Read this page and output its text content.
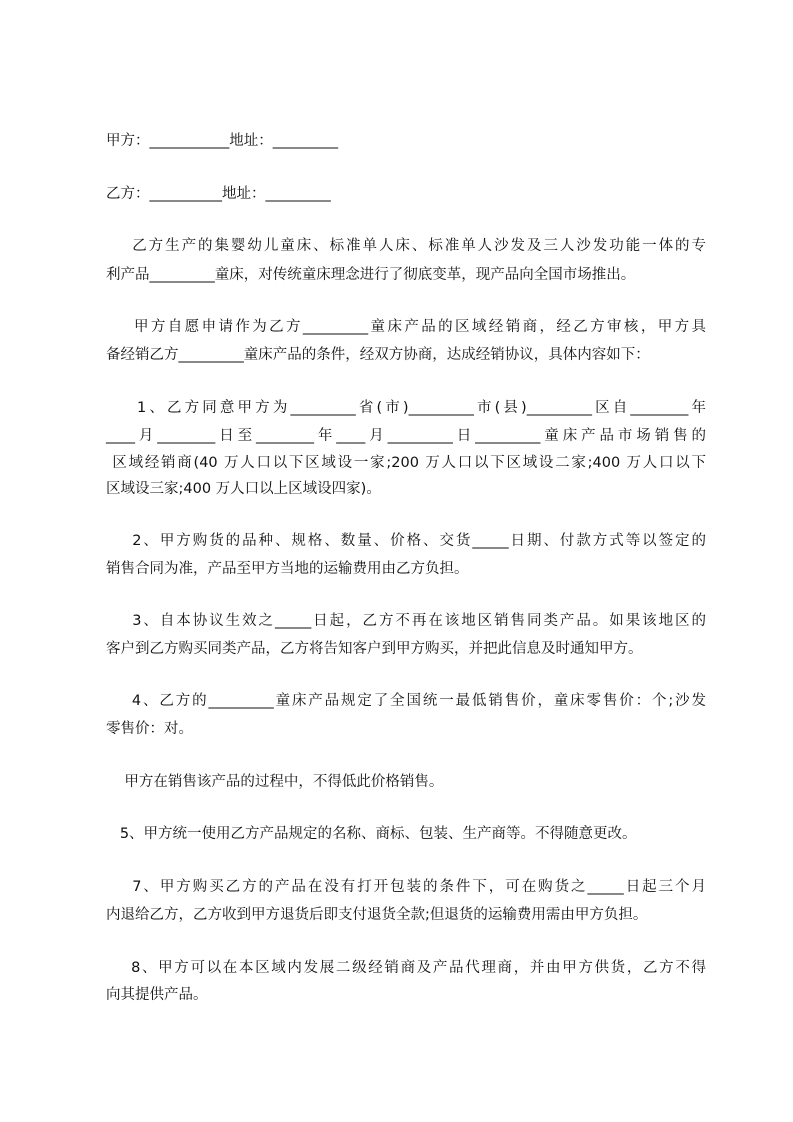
甲方：___________地址：_________
乙方：__________地址：_________
乙方生产的集婴幼儿童床、标准单人床、标准单人沙发及三人沙发功能一体的专
利产品_________童床，对传统童床理念进行了彻底变革，现产品向全国市场推出。
甲方自愿申请作为乙方_________童床产品的区域经销商，经乙方审核，甲方具
备经销乙方_________童床产品的条件，经双方协商，达成经销协议，具体内容如下：
1、乙方同意甲方为_________省(市)_________市(县)_________区自________年
____月________日至________年____月_________日_________童床产品市场销售的
区域经销商(40 万人口以下区域设一家;200 万人口以下区域设二家;400 万人口以下
区域设三家;400 万人口以上区域设四家)。
2、甲方购货的品种、规格、数量、价格、交货_____日期、付款方式等以签定的
销售合同为准，产品至甲方当地的运输费用由乙方负担。
3、自本协议生效之_____日起，乙方不再在该地区销售同类产品。如果该地区的
客户到乙方购买同类产品，乙方将告知客户到甲方购买，并把此信息及时通知甲方。
4、乙方的_________童床产品规定了全国统一最低销售价，童床零售价：个;沙发
零售价：对。
甲方在销售该产品的过程中，不得低此价格销售。
5、甲方统一使用乙方产品规定的名称、商标、包装、生产商等。不得随意更改。
7、甲方购买乙方的产品在没有打开包装的条件下，可在购货之_____日起三个月
内退给乙方，乙方收到甲方退货后即支付退货全款;但退货的运输费用需由甲方负担。
8、甲方可以在本区域内发展二级经销商及产品代理商，并由甲方供货，乙方不得
向其提供产品。
